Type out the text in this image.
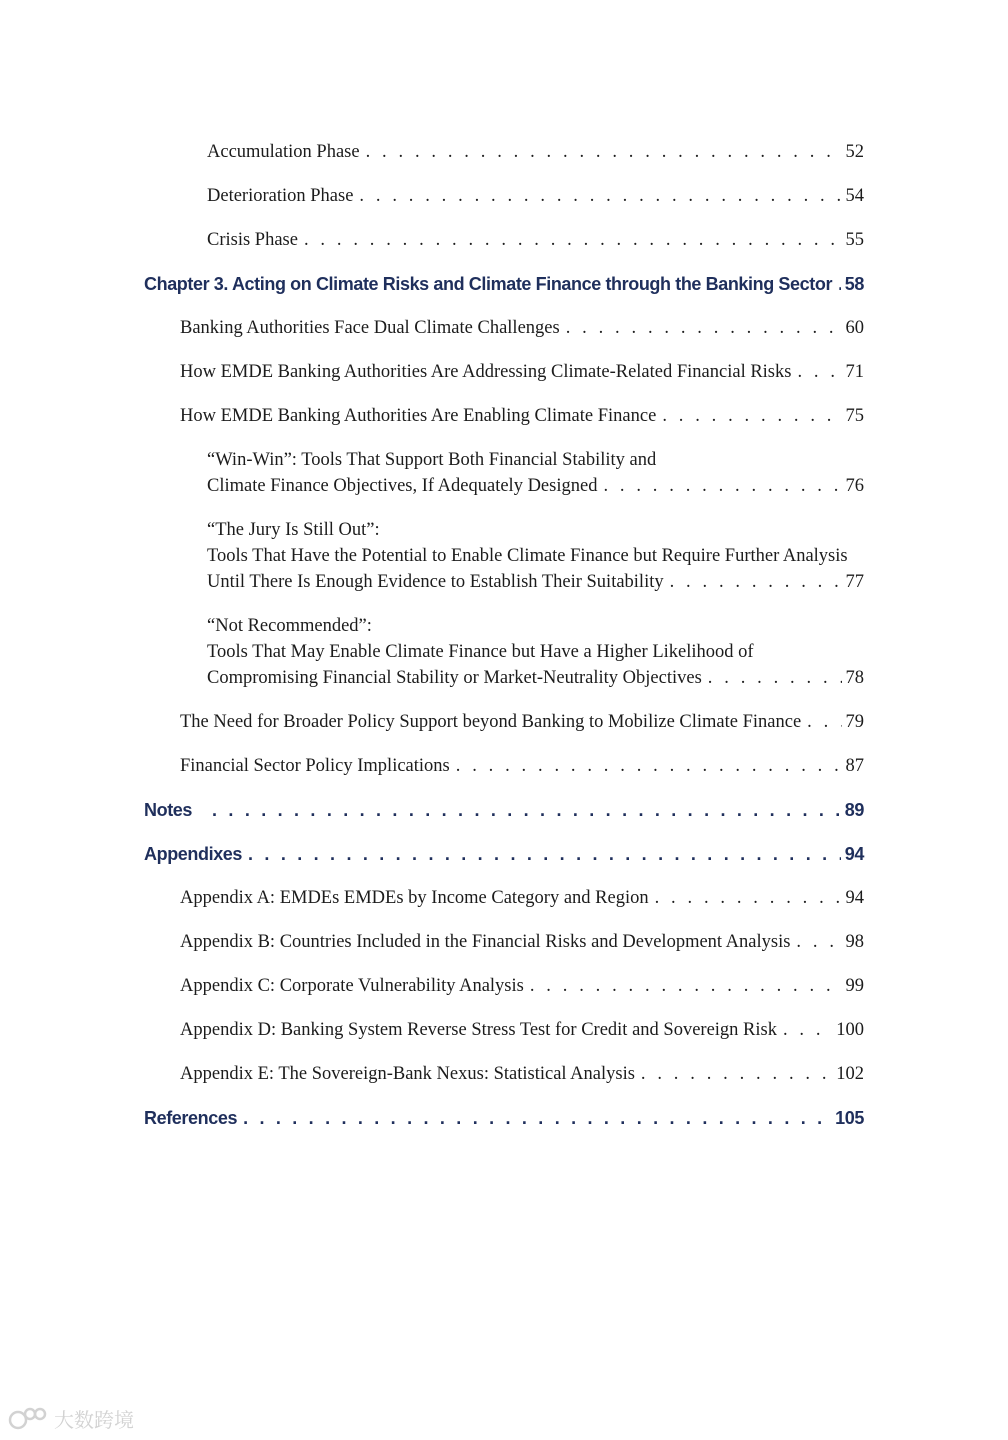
Accumulation Phase . . .	52
Deterioration Phase . . .	54
Crisis Phase . . .	55
Chapter 3. Acting on Climate Risks and Climate Finance through the Banking Sector . . . 58
Banking Authorities Face Dual Climate Challenges . . .	60
How EMDE Banking Authorities Are Addressing Climate-Related Financial Risks . . .	71
How EMDE Banking Authorities Are Enabling Climate Finance . . .	75
“Win-Win”: Tools That Support Both Financial Stability and
Climate Finance Objectives, If Adequately Designed . . .	76
“The Jury Is Still Out”:
Tools That Have the Potential to Enable Climate Finance but Require Further Analysis
Until There Is Enough Evidence to Establish Their Suitability . . .	77
“Not Recommended”:
Tools That May Enable Climate Finance but Have a Higher Likelihood of
Compromising Financial Stability or Market-Neutrality Objectives . . .	78
The Need for Broader Policy Support beyond Banking to Mobilize Climate Finance . . . 79
Financial Sector Policy Implications . . .	87
Notes . . .	89
Appendixes . . .	94
Appendix A: EMDEs EMDEs by Income Category and Region . . .	94
Appendix B: Countries Included in the Financial Risks and Development Analysis . . .	98
Appendix C: Corporate Vulnerability Analysis . . .	99
Appendix D: Banking System Reverse Stress Test for Credit and Sovereign Risk . . .	100
Appendix E: The Sovereign-Bank Nexus: Statistical Analysis . . .	102
References . . .	105
大数跨境
